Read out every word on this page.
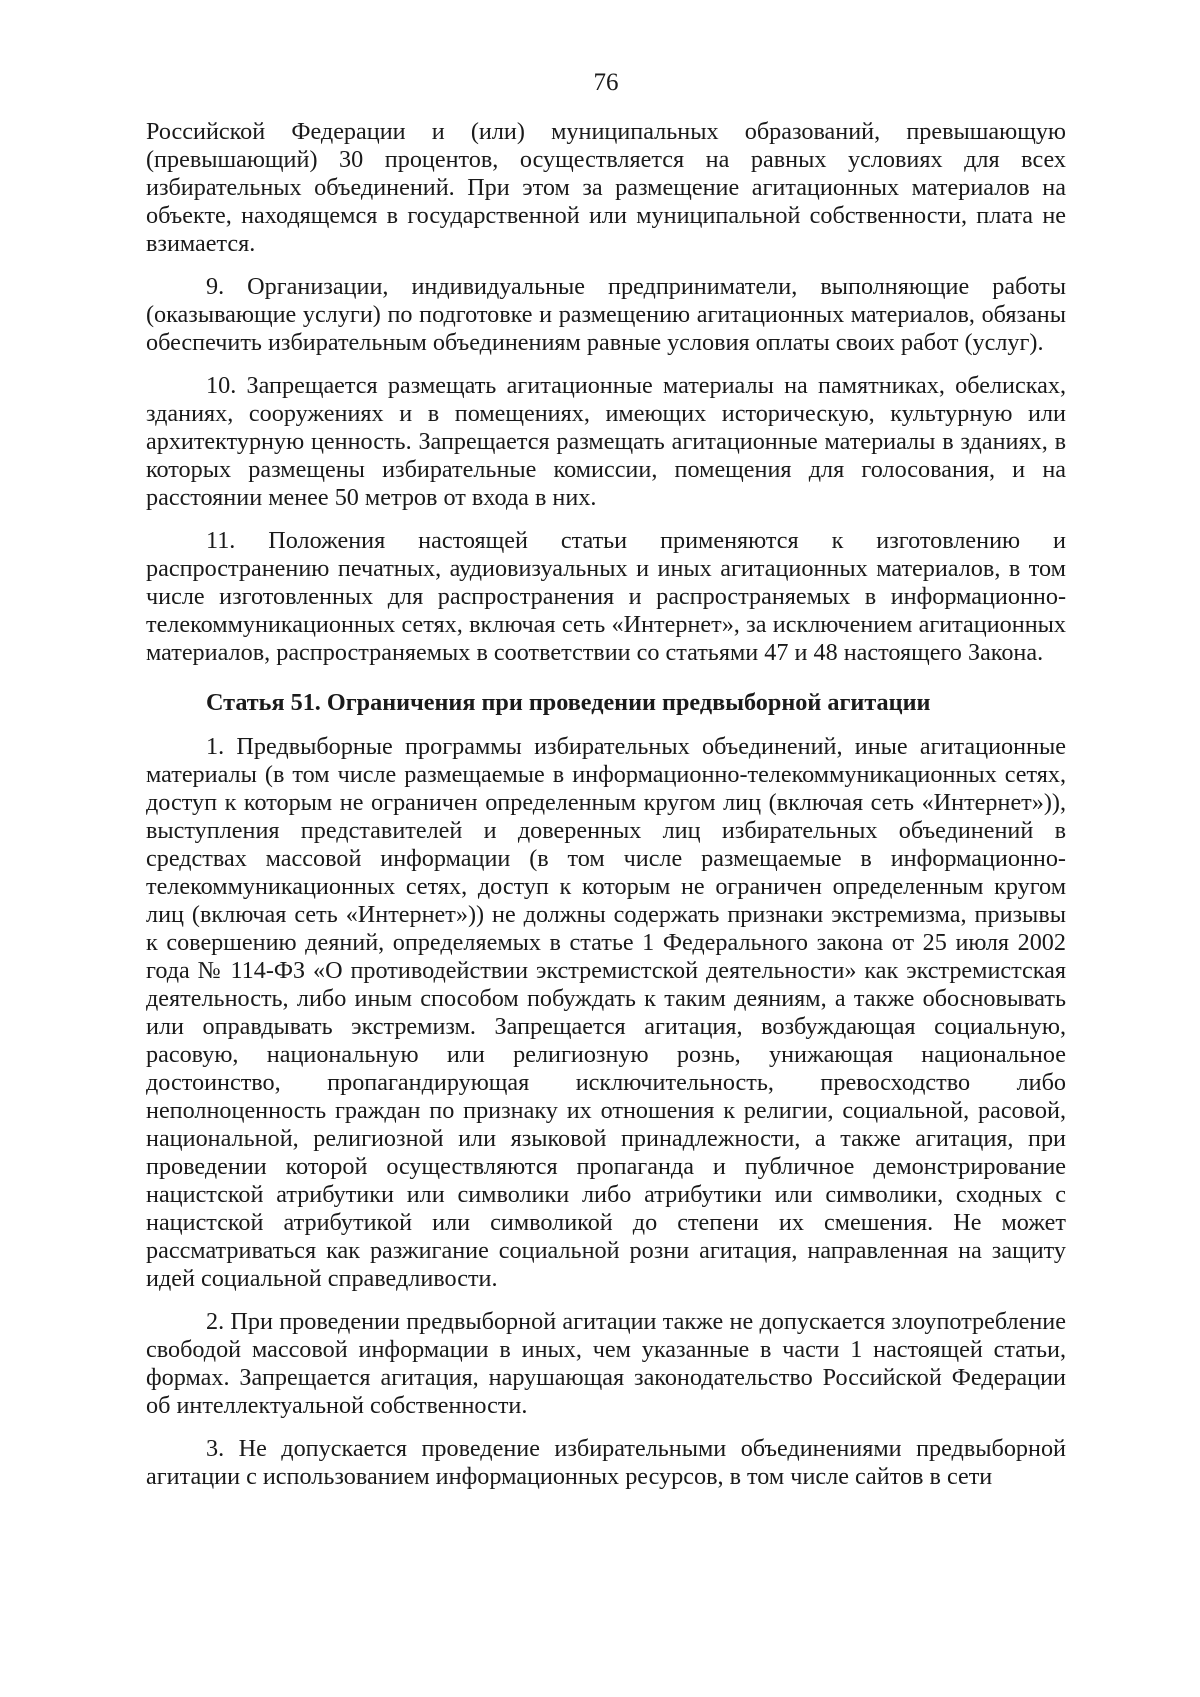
76

Российской Федерации и (или) муниципальных образований, превышающую (превышающий) 30 процентов, осуществляется на равных условиях для всех избирательных объединений. При этом за размещение агитационных материалов на объекте, находящемся в государственной или муниципальной собственности, плата не взимается.

9. Организации, индивидуальные предприниматели, выполняющие работы (оказывающие услуги) по подготовке и размещению агитационных материалов, обязаны обеспечить избирательным объединениям равные условия оплаты своих работ (услуг).

10. Запрещается размещать агитационные материалы на памятниках, обелисках, зданиях, сооружениях и в помещениях, имеющих историческую, культурную или архитектурную ценность. Запрещается размещать агитационные материалы в зданиях, в которых размещены избирательные комиссии, помещения для голосования, и на расстоянии менее 50 метров от входа в них.

11. Положения настоящей статьи применяются к изготовлению и распространению печатных, аудиовизуальных и иных агитационных материалов, в том числе изготовленных для распространения и распространяемых в информационно-телекоммуникационных сетях, включая сеть «Интернет», за исключением агитационных материалов, распространяемых в соответствии со статьями 47 и 48 настоящего Закона.

Статья 51. Ограничения при проведении предвыборной агитации

1. Предвыборные программы избирательных объединений, иные агитационные материалы (в том числе размещаемые в информационно-телекоммуникационных сетях, доступ к которым не ограничен определенным кругом лиц (включая сеть «Интернет»)), выступления представителей и доверенных лиц избирательных объединений в средствах массовой информации (в том числе размещаемые в информационно-телекоммуникационных сетях, доступ к которым не ограничен определенным кругом лиц (включая сеть «Интернет»)) не должны содержать признаки экстремизма, призывы к совершению деяний, определяемых в статье 1 Федерального закона от 25 июля 2002 года № 114-ФЗ «О противодействии экстремистской деятельности» как экстремистская деятельность, либо иным способом побуждать к таким деяниям, а также обосновывать или оправдывать экстремизм. Запрещается агитация, возбуждающая социальную, расовую, национальную или религиозную рознь, унижающая национальное достоинство, пропагандирующая исключительность, превосходство либо неполноценность граждан по признаку их отношения к религии, социальной, расовой, национальной, религиозной или языковой принадлежности, а также агитация, при проведении которой осуществляются пропаганда и публичное демонстрирование нацистской атрибутики или символики либо атрибутики или символики, сходных с нацистской атрибутикой или символикой до степени их смешения. Не может рассматриваться как разжигание социальной розни агитация, направленная на защиту идей социальной справедливости.

2. При проведении предвыборной агитации также не допускается злоупотребление свободой массовой информации в иных, чем указанные в части 1 настоящей статьи, формах. Запрещается агитация, нарушающая законодательство Российской Федерации об интеллектуальной собственности.

3. Не допускается проведение избирательными объединениями предвыборной агитации с использованием информационных ресурсов, в том числе сайтов в сети
